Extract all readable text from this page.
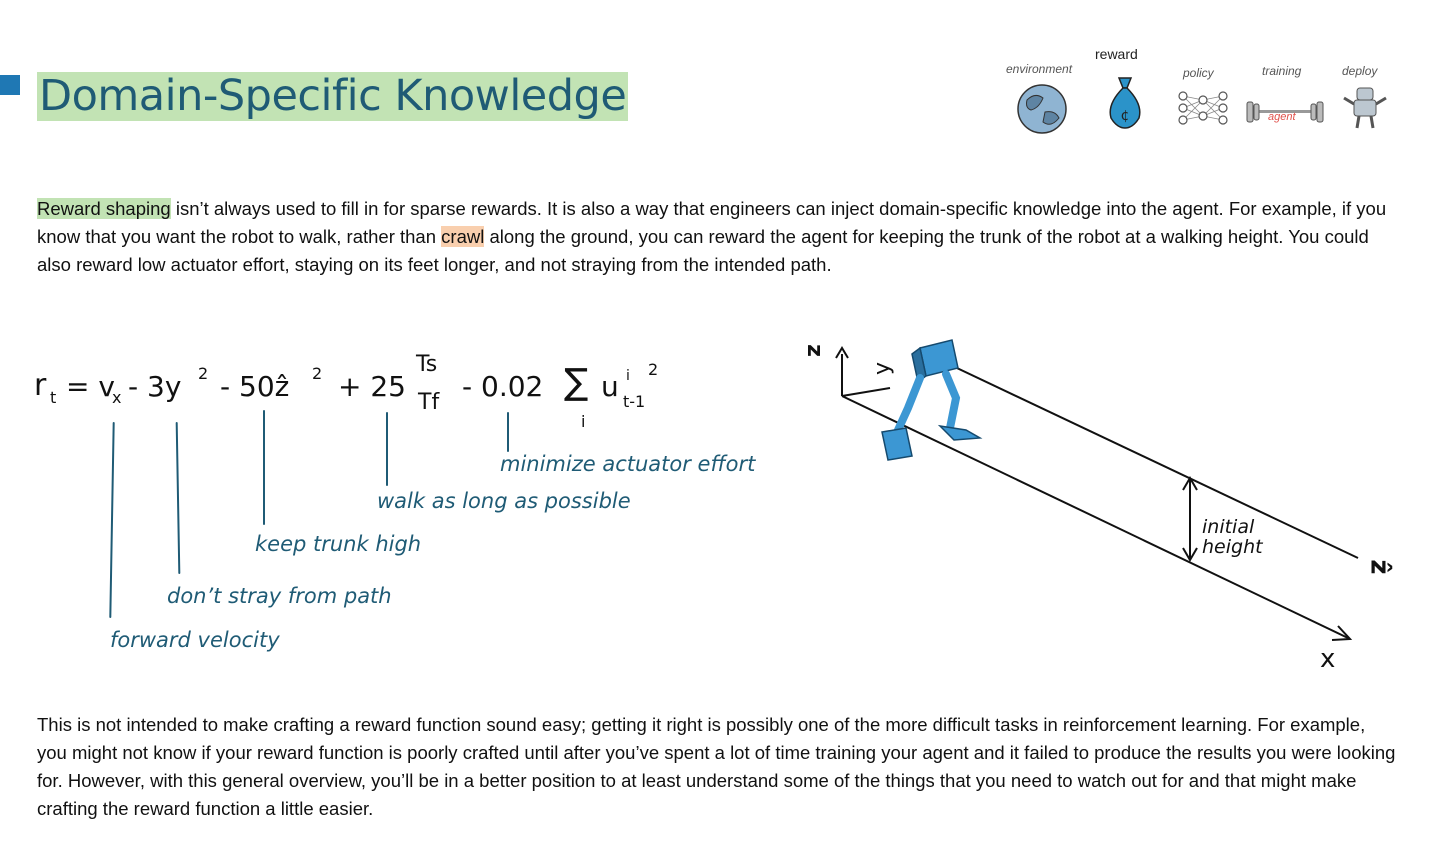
Domain-Specific Knowledge
environment
reward
policy	training	deploy
¢	agent

Reward shaping isn’t always used to fill in for sparse rewards. It is also a way that engineers can inject domain-specific knowledge into the agent. For example, if you know that you want the robot to walk, rather than crawl along the ground, you can reward the agent for keeping the trunk of the robot at a walking height. You could also reward low actuator effort, staying on its feet longer, and not straying from the intended path.

r t = v
x - 3y 2 - 50ẑ 2 + 25
Ts
Tf - 0.02 ∑
i
u i
t-1
2
forward velocity
don’t stray from path
keep trunk high
walk as long as possible
minimize actuator effort
z
y
x
ẑ
initial
height

This is not intended to make crafting a reward function sound easy; getting it right is possibly one of the more difficult tasks in reinforcement learning. For example, you might not know if your reward function is poorly crafted until after you’ve spent a lot of time training your agent and it failed to produce the results you were looking for. However, with this general overview, you’ll be in a better position to at least understand some of the things that you need to watch out for and that might make crafting the reward function a little easier.
